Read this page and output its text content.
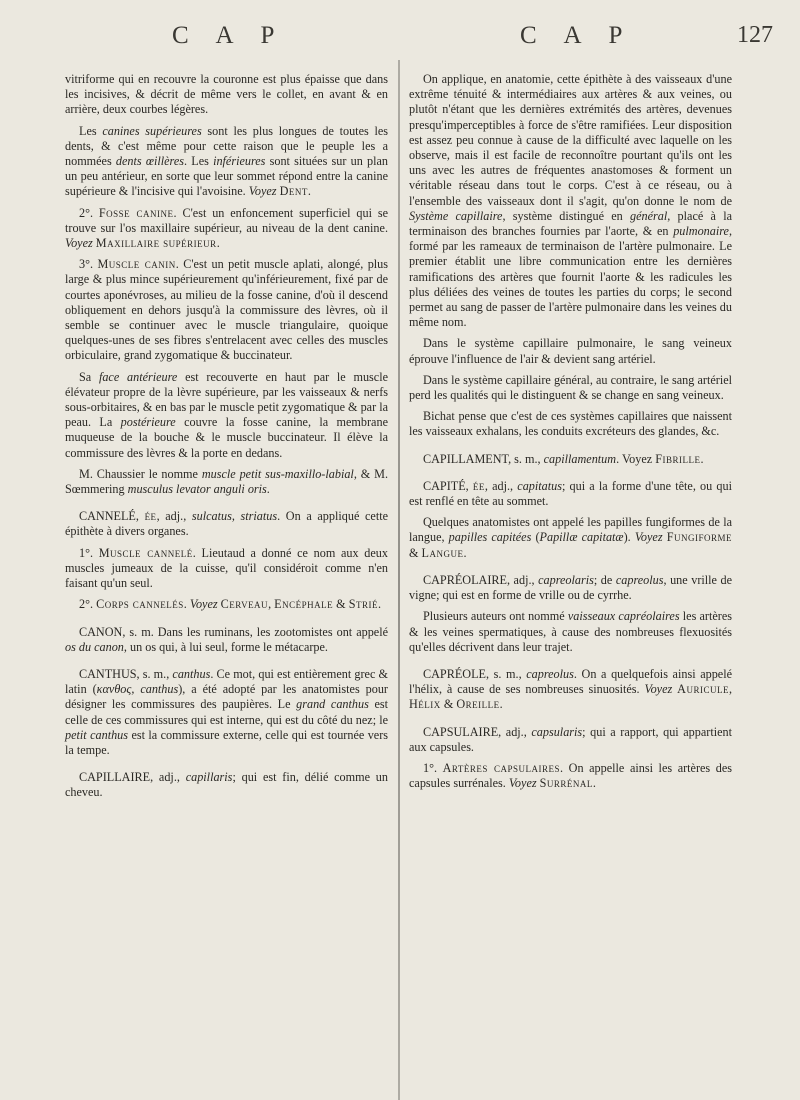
C A P	C A P	127

vitriforme qui en recouvre la couronne est plus épaisse que dans les incisives, & décrit de même vers le collet, en avant & en arrière, deux courbes légères.

Les canines supérieures sont les plus longues de toutes les dents, & c'est même pour cette raison que le peuple les a nommées dents œillères. Les inférieures sont situées sur un plan un peu antérieur, en sorte que leur sommet répond entre la canine supérieure & l'incisive qui l'avoisine. Voyez Dent.

2°. Fosse canine. C'est un enfoncement superficiel qui se trouve sur l'os maxillaire supérieur, au niveau de la dent canine. Voyez Maxillaire supérieur.

3°. Muscle canin. C'est un petit muscle aplati, alongé, plus large & plus mince supérieurement qu'inférieurement, fixé par de courtes aponévroses, au milieu de la fosse canine, d'où il descend obliquement en dehors jusqu'à la commissure des lèvres, où il semble se continuer avec le muscle triangulaire, quoique quelques-unes de ses fibres s'entrelacent avec celles des muscles orbiculaire, grand zygomatique & buccinateur.

Sa face antérieure est recouverte en haut par le muscle élévateur propre de la lèvre supérieure, par les vaisseaux & nerfs sous-orbitaires, & en bas par le muscle petit zygomatique & par la peau. La postérieure couvre la fosse canine, la membrane muqueuse de la bouche & le muscle buccinateur. Il élève la commissure des lèvres & la porte en dedans.

M. Chaussier le nomme muscle petit sus-maxillo-labial, & M. Sœmmering musculus levator anguli oris.

CANNELÉ, ée, adj., sulcatus, striatus. On a appliqué cette épithète à divers organes.

1°. Muscle cannelé. Lieutaud a donné ce nom aux deux muscles jumeaux de la cuisse, qu'il considéroit comme n'en faisant qu'un seul.

2°. Corps cannelés. Voyez Cerveau, Encéphale & Strié.

CANON, s. m. Dans les ruminans, les zootomistes ont appelé os du canon, un os qui, à lui seul, forme le métacarpe.

CANTHUS, s. m., canthus. Ce mot, qui est entièrement grec & latin (κανθος, canthus), a été adopté par les anatomistes pour désigner les commissures des paupières. Le grand canthus est celle de ces commissures qui est interne, qui est du côté du nez; le petit canthus est la commissure externe, celle qui est tournée vers la tempe.

CAPILLAIRE, adj., capillaris; qui est fin, délié comme un cheveu.

On applique, en anatomie, cette épithète à des vaisseaux d'une extrême ténuité & intermédiaires aux artères & aux veines, ou plutôt n'étant que les dernières extrémités des artères, devenues presqu'imperceptibles à force de s'être ramifiées. Leur disposition est assez peu connue à cause de la difficulté avec laquelle on les observe, mais il est facile de reconnoître pourtant qu'ils ont les uns avec les autres de fréquentes anastomoses & forment un véritable réseau dans tout le corps. C'est à ce réseau, ou à l'ensemble des vaisseaux dont il s'agit, qu'on donne le nom de Système capillaire, système distingué en général, placé à la terminaison des branches fournies par l'aorte, & en pulmonaire, formé par les rameaux de terminaison de l'artère pulmonaire. Le premier établit une libre communication entre les dernières ramifications des artères que fournit l'aorte & les radicules les plus déliées des veines de toutes les parties du corps; le second permet au sang de passer de l'artère pulmonaire dans les veines du même nom.

Dans le système capillaire pulmonaire, le sang veineux éprouve l'influence de l'air & devient sang artériel.

Dans le système capillaire général, au contraire, le sang artériel perd les qualités qui le distinguent & se change en sang veineux.

Bichat pense que c'est de ces systèmes capillaires que naissent les vaisseaux exhalans, les conduits excréteurs des glandes, &c.

CAPILLAMENT, s. m., capillamentum. Voyez Fibrille.

CAPITÉ, ée, adj., capitatus; qui a la forme d'une tête, ou qui est renflé en tête au sommet.

Quelques anatomistes ont appelé les papilles fungiformes de la langue, papilles capitées (Papillæ capitatæ). Voyez Fungiforme & Langue.

CAPRÉOLAIRE, adj., capreolaris; de capreolus, une vrille de vigne; qui est en forme de vrille ou de cyrrhe.

Plusieurs auteurs ont nommé vaisseaux capréolaires les artères & les veines spermatiques, à cause des nombreuses flexuosités qu'elles décrivent dans leur trajet.

CAPRÉOLE, s. m., capreolus. On a quelquefois ainsi appelé l'hélix, à cause de ses nombreuses sinuosités. Voyez Auricule, Hélix & Oreille.

CAPSULAIRE, adj., capsularis; qui a rapport, qui appartient aux capsules.

1°. Artères capsulaires. On appelle ainsi les artères des capsules surrénales. Voyez Surrénal.
